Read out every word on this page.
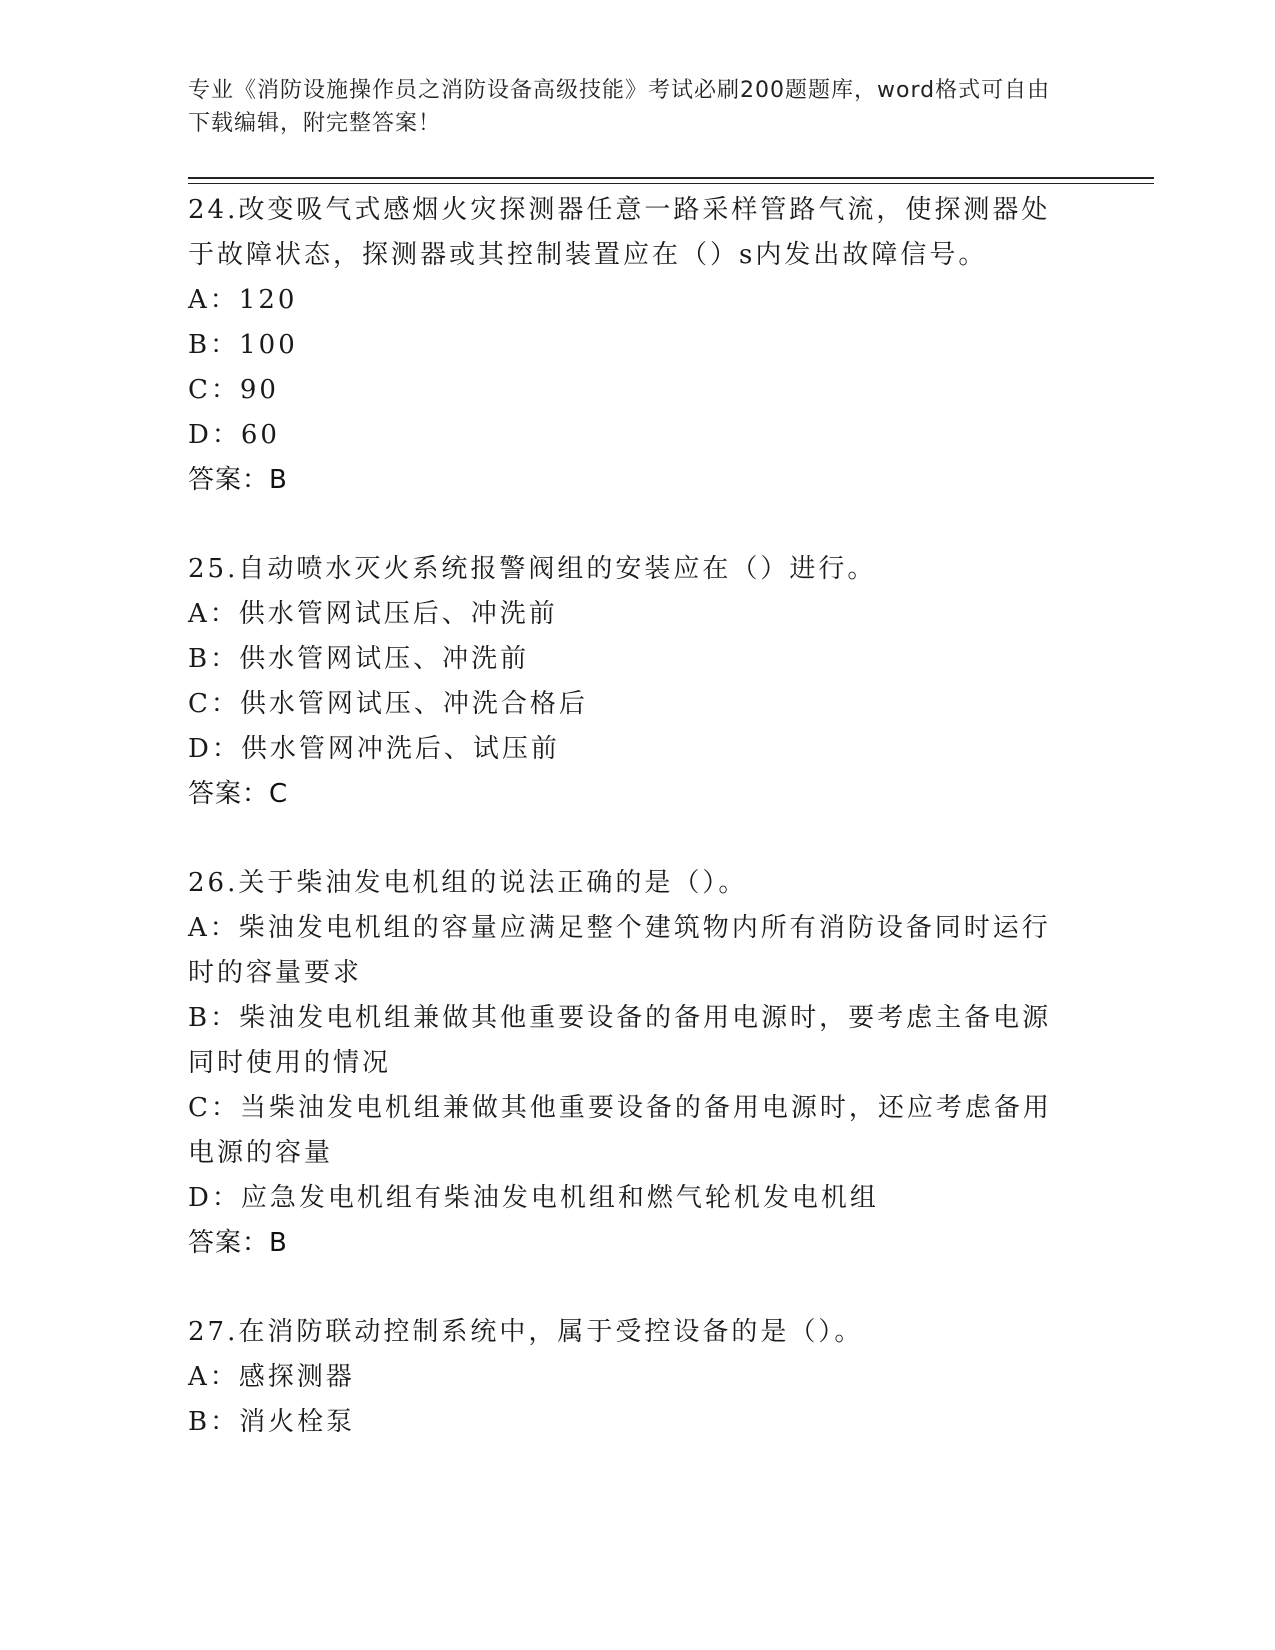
专业《消防设施操作员之消防设备高级技能》考试必刷200题题库，word格式可自由下载编辑，附完整答案！
24.改变吸气式感烟火灾探测器任意一路采样管路气流，使探测器处于故障状态，探测器或其控制装置应在（）s内发出故障信号。
A：120
B：100
C：90
D：60
答案：B
25.自动喷水灭火系统报警阀组的安装应在（）进行。
A：供水管网试压后、冲洗前
B：供水管网试压、冲洗前
C：供水管网试压、冲洗合格后
D：供水管网冲洗后、试压前
答案：C
26.关于柴油发电机组的说法正确的是（）。
A：柴油发电机组的容量应满足整个建筑物内所有消防设备同时运行时的容量要求
B：柴油发电机组兼做其他重要设备的备用电源时，要考虑主备电源同时使用的情况
C：当柴油发电机组兼做其他重要设备的备用电源时，还应考虑备用电源的容量
D：应急发电机组有柴油发电机组和燃气轮机发电机组
答案：B
27.在消防联动控制系统中，属于受控设备的是（）。
A：感探测器
B：消火栓泵
